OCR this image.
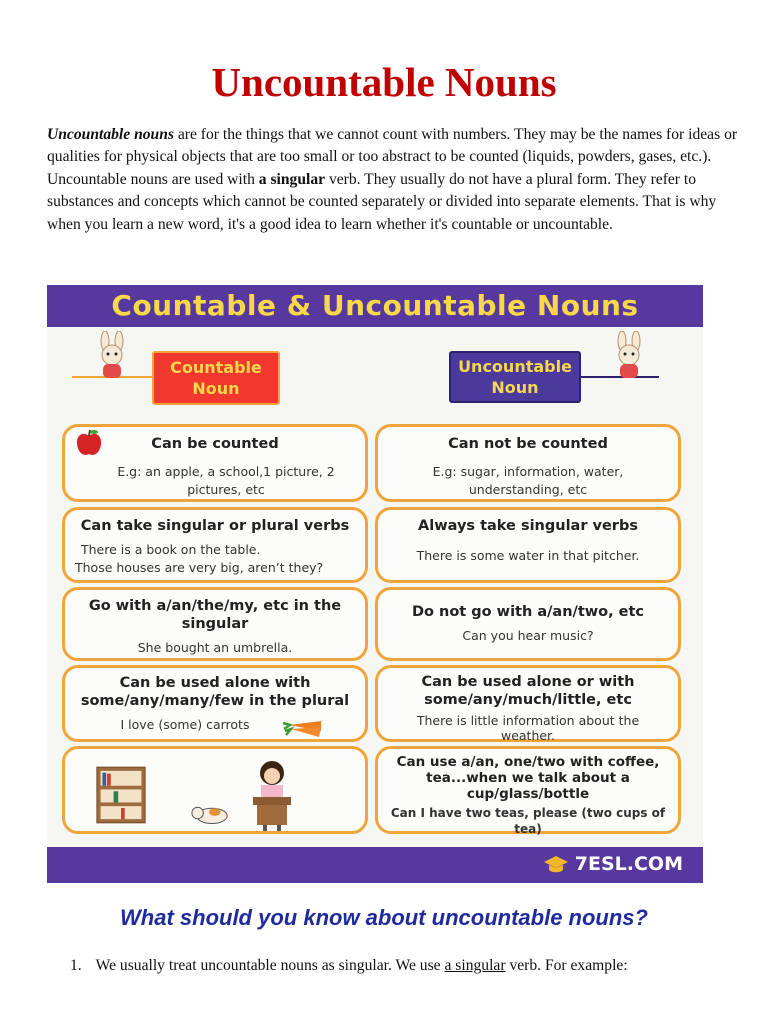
Uncountable Nouns

Uncountable nouns are for the things that we cannot count with numbers. They may be the names for ideas or qualities for physical objects that are too small or too abstract to be counted (liquids, powders, gases, etc.).

Uncountable nouns are used with a singular verb. They usually do not have a plural form. They refer to substances and concepts which cannot be counted separately or divided into separate elements. That is why when you learn a new word, it's a good idea to learn whether it's countable or uncountable.

Countable & Uncountable Nouns
Countable Noun
Uncountable Noun
Can be counted
E.g: an apple, a school,1 picture, 2 pictures, etc
Can not be counted
E.g: sugar, information, water, understanding, etc
Can take singular or plural verbs
There is a book on the table.
Those houses are very big, aren’t they?
Always take singular verbs
There is some water in that pitcher.
Go with a/an/the/my, etc in the singular
She bought an umbrella.
Do not go with a/an/two, etc
Can you hear music?
Can be used alone with some/any/many/few in the plural
I love (some) carrots
Can be used alone or with some/any/much/little, etc
There is little information about the weather.
Can use a/an, one/two with coffee, tea...when we talk about a cup/glass/bottle
Can I have two teas, please (two cups of tea)
7ESL.COM
What should you know about uncountable nouns?

1. We usually treat uncountable nouns as singular. We use a singular verb. For example:
